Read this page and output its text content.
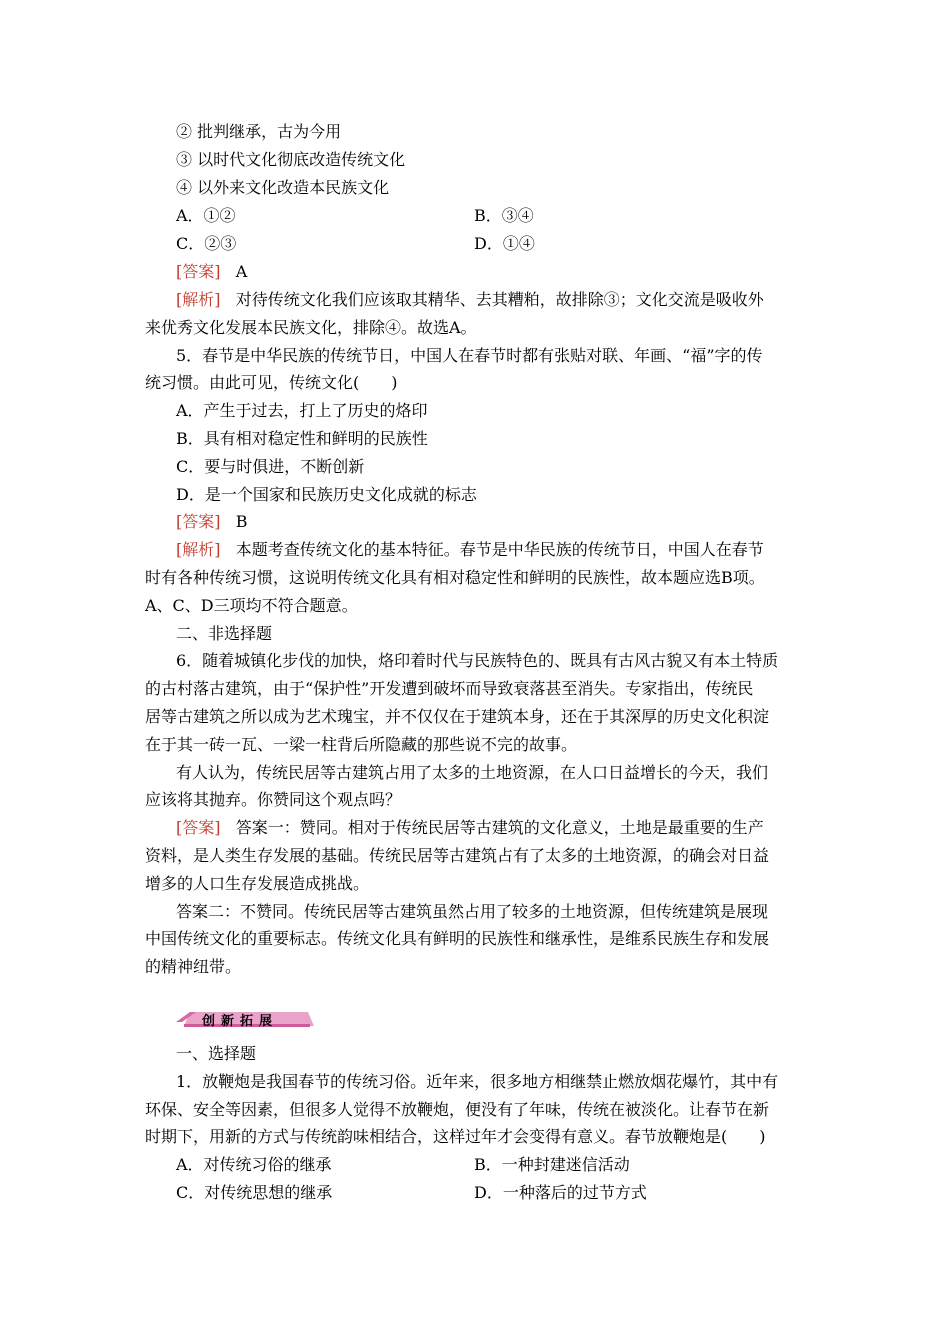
② 批判继承，古为今用
③ 以时代文化彻底改造传统文化
④ 以外来文化改造本民族文化
A．①②	B．③④
C．②③	D．①④
[答案] A
[解析] 对待传统文化我们应该取其精华、去其糟粕，故排除③；文化交流是吸收外
来优秀文化发展本民族文化，排除④。故选A。
5．春节是中华民族的传统节日，中国人在春节时都有张贴对联、年画、“福”字的传
统习惯。由此可见，传统文化(　　)
A．产生于过去，打上了历史的烙印
B．具有相对稳定性和鲜明的民族性
C．要与时俱进，不断创新
D．是一个国家和民族历史文化成就的标志
[答案] B
[解析] 本题考查传统文化的基本特征。春节是中华民族的传统节日，中国人在春节
时有各种传统习惯，这说明传统文化具有相对稳定性和鲜明的民族性，故本题应选B项。
A、C、D三项均不符合题意。
二、非选择题
6．随着城镇化步伐的加快，烙印着时代与民族特色的、既具有古风古貌又有本土特质
的古村落古建筑，由于“保护性”开发遭到破坏而导致衰落甚至消失。专家指出，传统民
居等古建筑之所以成为艺术瑰宝，并不仅仅在于建筑本身，还在于其深厚的历史文化积淀
在于其一砖一瓦、一梁一柱背后所隐藏的那些说不完的故事。
有人认为，传统民居等古建筑占用了太多的土地资源，在人口日益增长的今天，我们
应该将其抛弃。你赞同这个观点吗？
[答案] 答案一：赞同。相对于传统民居等古建筑的文化意义，土地是最重要的生产
资料，是人类生存发展的基础。传统民居等古建筑占有了太多的土地资源，的确会对日益
增多的人口生存发展造成挑战。
答案二：不赞同。传统民居等古建筑虽然占用了较多的土地资源，但传统建筑是展现
中国传统文化的重要标志。传统文化具有鲜明的民族性和继承性，是维系民族生存和发展
的精神纽带。
创新拓展
一、选择题
1．放鞭炮是我国春节的传统习俗。近年来，很多地方相继禁止燃放烟花爆竹，其中有
环保、安全等因素，但很多人觉得不放鞭炮，便没有了年味，传统在被淡化。让春节在新
时期下，用新的方式与传统韵味相结合，这样过年才会变得有意义。春节放鞭炮是(　　)
A．对传统习俗的继承	B．一种封建迷信活动
C．对传统思想的继承	D．一种落后的过节方式
